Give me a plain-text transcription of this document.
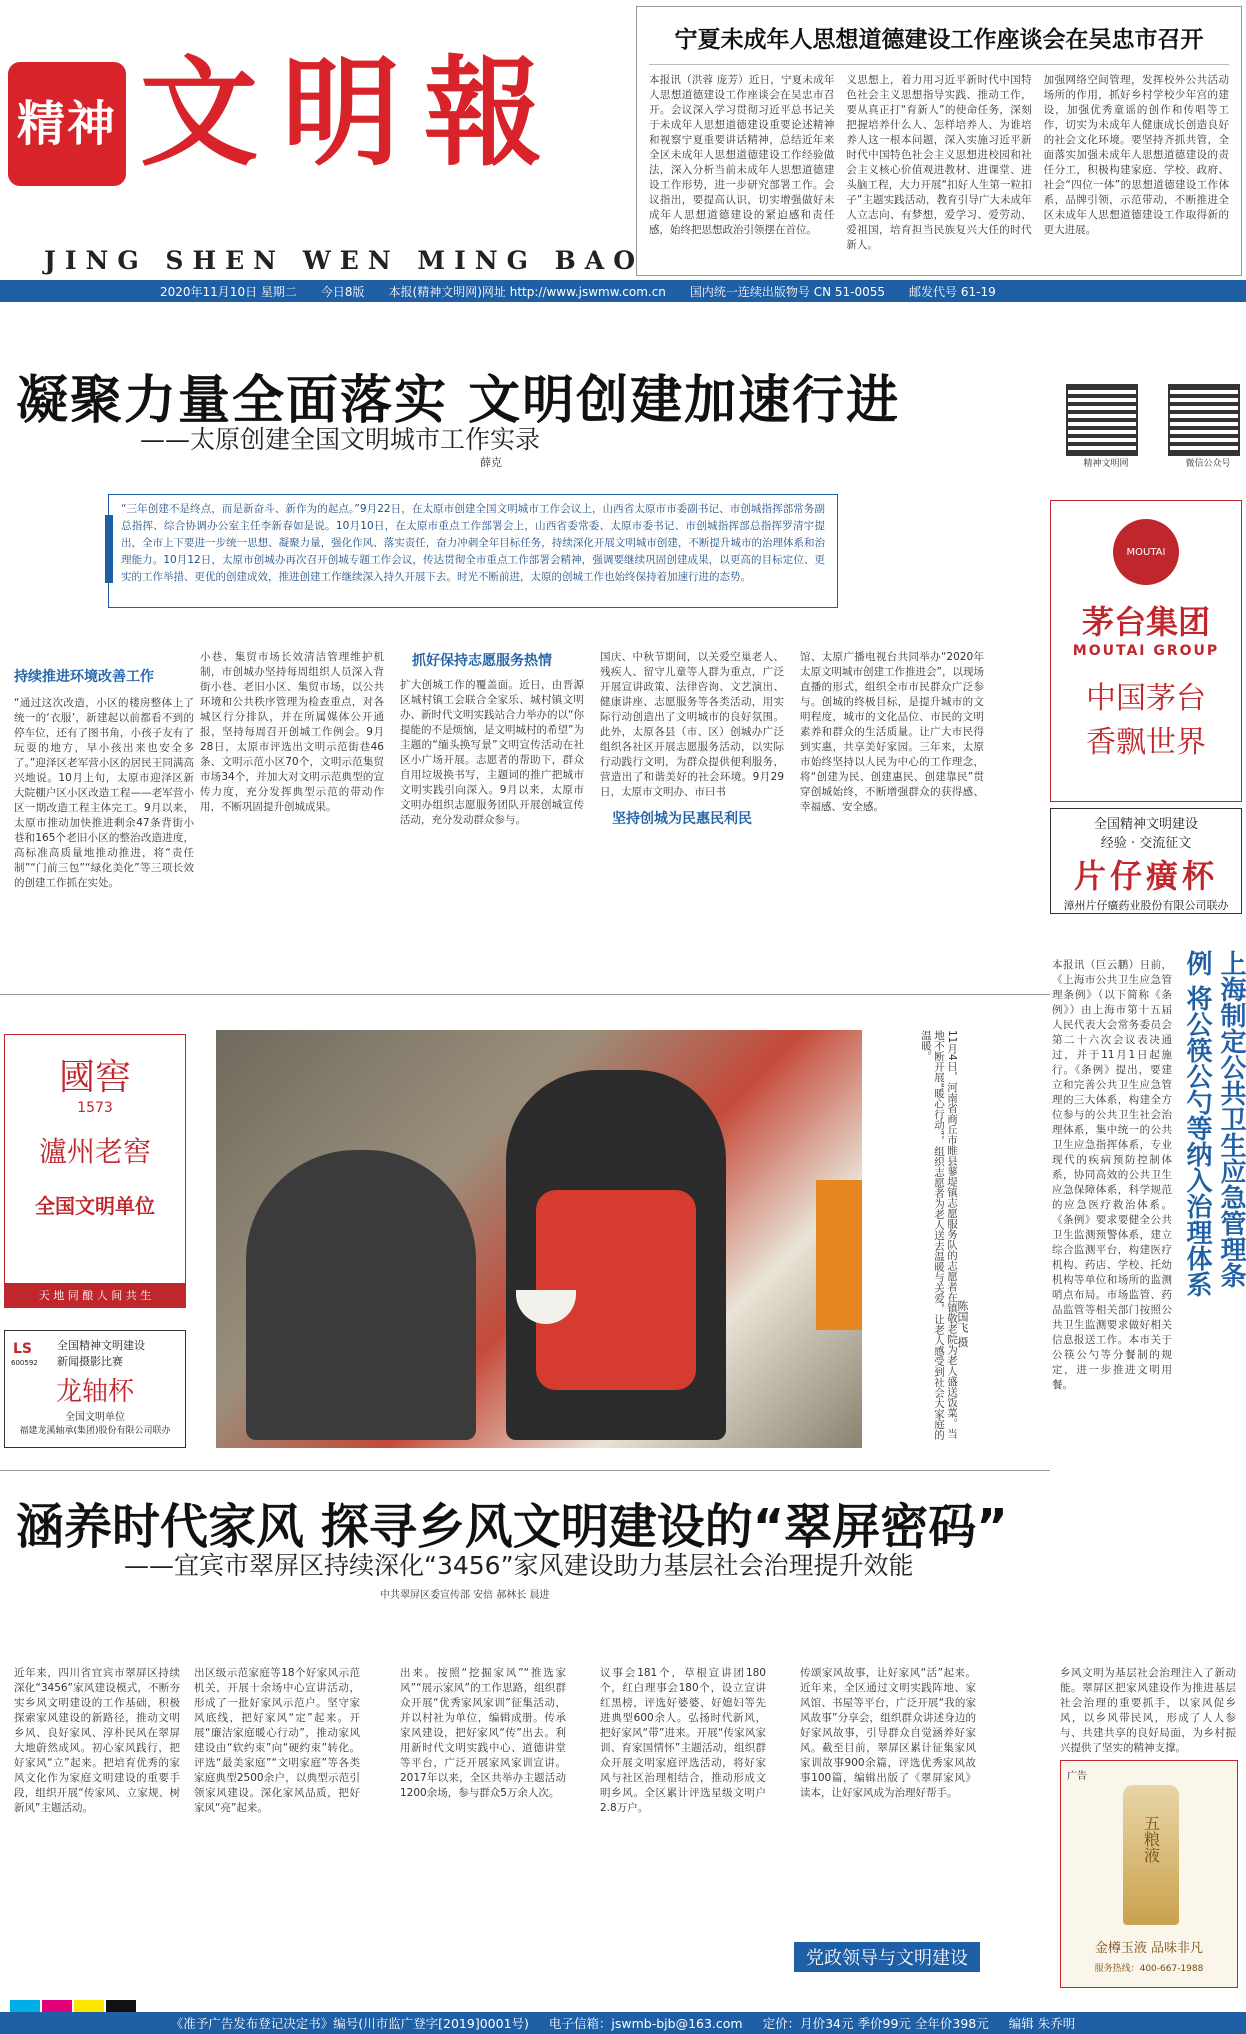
精神 文明報
JING SHEN WEN MING BAO
宁夏未成年人思想道德建设工作座谈会在吴忠市召开

本报讯（洪蓉 庞芳）近日，宁夏未成年人思想道德建设工作座谈会在吴忠市召开。会议深入学习贯彻习近平总书记关于未成年人思想道德建设重要论述精神和视察宁夏重要讲话精神，总结近年来全区未成年人思想道德建设工作经验做法，深入分析当前未成年人思想道德建设工作形势，进一步研究部署工作。会议指出，要提高认识，切实增强做好未成年人思想道德建设的紧迫感和责任感，始终把思想政治引领摆在首位。

义思想上，着力用习近平新时代中国特色社会主义思想指导实践、推动工作，要从真正打“育新人”的使命任务，深刻把握培养什么人、怎样培养人、为谁培养人这一根本问题，深入实施习近平新时代中国特色社会主义思想进校园和社会主义核心价值观进教材、进课堂、进头脑工程，大力开展“扣好人生第一粒扣子”主题实践活动，教育引导广大未成年人立志向、有梦想，爱学习、爱劳动、爱祖国，培育担当民族复兴大任的时代新人。

加强网络空间管理，发挥校外公共活动场所的作用，抓好乡村学校少年宫的建设，加强优秀童谣的创作和传唱等工作，切实为未成年人健康成长创造良好的社会文化环境。要坚持齐抓共管，全面落实加强未成年人思想道德建设的责任分工，积极构建家庭、学校、政府、社会“四位一体”的思想道德建设工作体系，品牌引领，示范带动，不断推进全区未成年人思想道德建设工作取得新的更大进展。

2020年11月10日 星期二 今日8版 本报(精神文明网)网址 http://www.jswmw.com.cn 国内统一连续出版物号 CN 51-0055 邮发代号 61-19
凝聚力量全面落实 文明创建加速行进
——太原创建全国文明城市工作实录
薛克	精神文明网	微信公众号

“三年创建不是终点，而是新奋斗、新作为的起点。”9月22日，在太原市创建全国文明城市工作会议上，山西省太原市市委副书记、市创城指挥部常务副总指挥、综合协调办公室主任李新春如是说。10月10日，在太原市重点工作部署会上，山西省委常委、太原市委书记、市创城指挥部总指挥罗清宇提出，全市上下要进一步统一思想、凝聚力量，强化作风、落实责任，奋力冲刺全年目标任务，持续深化开展文明城市创建，不断提升城市的治理体系和治理能力。10月12日，太原市创城办再次召开创城专题工作会议，传达贯彻全市重点工作部署会精神，强调要继续巩固创建成果，以更高的目标定位、更实的工作举措、更优的创建成效，推进创建工作继续深入持久开展下去。时光不断前进，太原的创城工作也始终保持着加速行进的态势。

持续推进环境改善工作

“通过这次改造，小区的楼房整体上了统一的‘衣服’，新建起以前都看不到的停车位，还有了图书角，小孩子友有了玩耍的地方，早小孩出来也安全多了。”迎泽区老军营小区的居民王同满高兴地说。10月上旬，太原市迎泽区新大院棚户区小区改造工程——老军营小区一期改造工程主体完工。9月以来，太原市推动加快推进剩余47条背街小巷和165个老旧小区的整治改造进度，高标准高质量地推动推进，将“责任制”“门前三包”“绿化美化”等三项长效的创建工作抓在实处。

小巷、集贸市场长效清洁管理维护机制，市创城办坚持每周组织人员深入背街小巷、老旧小区、集贸市场，以公共环境和公共秩序管理为检查重点，对各城区行分排队，并在所属媒体公开通报，坚持每周召开创城工作例会。9月28日，太原市评选出文明示范街巷46条、文明示范小区70个，文明示范集贸市场34个，并加大对文明示范典型的宣传力度，充分发挥典型示范的带动作用，不断巩固提升创城成果。

抓好保持志愿服务热情

扩大创城工作的覆盖面。近日，由晋源区城村镇工会联合全家乐、城村镇文明办、新时代文明实践站合力举办的以“你提能的不是烦恼，是文明城村的希望”为主题的“缅头换写景”文明宣传活动在社区小广场开展。志愿者的帮助下，群众自用垃圾换书写，主题词的推广把城市文明实践引向深入。9月以来，太原市文明办组织志愿服务团队开展创城宣传活动，充分发动群众参与。

国庆、中秋节期间，以关爱空巢老人、残疾人、留守儿童等人群为重点，广泛开展宣讲政策、法律咨询、文艺演出、健康讲座、志愿服务等各类活动，用实际行动创造出了文明城市的良好氛围。此外，太原各县（市、区）创城办广泛组织各社区开展志愿服务活动，以实际行动践行文明，为群众提供便利服务，营造出了和谐美好的社会环境。9月29日，太原市文明办、市曰书

坚持创城为民惠民利民

馆、太原广播电视台共同举办“2020年太原文明城市创建工作推进会”，以现场直播的形式，组织全市市民群众广泛参与。创城的终极目标，是提升城市的文明程度，城市的文化品位、市民的文明素养和群众的生活质量。让广大市民得到实惠，共享美好家园。三年来，太原市始终坚持以人民为中心的工作理念，将“创建为民、创建惠民、创建靠民”贯穿创城始终，不断增强群众的获得感、幸福感、安全感。

MOUTAI
茅台集团
MOUTAI GROUP
中国茅台
香飘世界
全国精神文明建设
经验 · 交流征文
片仔癀杯
漳州片仔癀药业股份有限公司联办
國窖
1573
瀘州老窖
全国文明单位
天 地 同 酿 人 间 共 生
LS
600592
全国精神文明建设
新闻摄影比赛
龙轴杯
全国文明单位
福建龙溪轴承(集团)股份有限公司联办	11月4日，河南省商丘市睢县蓼堤镇志愿服务队的志愿者在镇敬老院为老人盛送饭菜。当地不断开展“暖心行动”，组织志愿者为老人送去温暖与关爱，让老人感受到社会大家庭的温暖。
陈国飞 摄
上海制定公共卫生应急管理条例 将公筷公勺等纳入治理体系

本报讯（巨云鹏）日前，《上海市公共卫生应急管理条例》（以下简称《条例》）由上海市第十五届人民代表大会常务委员会第二十六次会议表决通过，并于11月1日起施行。《条例》提出，要建立和完善公共卫生应急管理的三大体系，构建全方位参与的公共卫生社会治理体系，集中统一的公共卫生应急指挥体系，专业现代的疾病预防控制体系，协同高效的公共卫生应急保障体系，科学规范的应急医疗救治体系。《条例》要求要健全公共卫生监测预警体系，建立综合监测平台，构建医疗机构、药店、学校、托幼机构等单位和场所的监测哨点布局。市场监管、药品监管等相关部门按照公共卫生监测要求做好相关信息报送工作。本市关于公筷公勺等分餐制的规定，进一步推进文明用餐。

涵养时代家风 探寻乡风文明建设的“翠屏密码”
——宜宾市翠屏区持续深化“3456”家风建设助力基层社会治理提升效能
中共翠屏区委宣传部 安倍 郝林长 晨进

近年来，四川省宜宾市翠屏区持续深化“3456”家风建设模式，不断夯实乡风文明建设的工作基础，积极探索家风建设的新路径，推动文明乡风、良好家风、淳朴民风在翠屏大地蔚然成风。初心家风践行，把好家风“立”起来。把培育优秀的家风文化作为家庭文明建设的重要手段，组织开展“传家风、立家规、树新风”主题活动。

出区级示范家庭等18个好家风示范机关，开展十余场中心宣讲活动，形成了一批好家风示范户。坚守家风底线，把好家风“定”起来。开展“廉洁家庭暖心行动”，推动家风建设由“软约束”向“硬约束”转化。评选“最美家庭”“文明家庭”等各类家庭典型2500余户，以典型示范引领家风建设。深化家风品质，把好家风“亮”起来。

出来。按照“挖掘家风”“推选家风”“展示家风”的工作思路，组织群众开展“优秀家风家训”征集活动，并以村社为单位，编辑成册。传承家风建设，把好家风“传”出去。利用新时代文明实践中心、道德讲堂等平台，广泛开展家风家训宣讲。2017年以来，全区共举办主题活动1200余场，参与群众5万余人次。

议事会181个，草根宣讲团180个，红白理事会180个，设立宣讲红黑榜，评选好婆婆、好媳妇等先进典型600余人。弘扬时代新风，把好家风“带”进来。开展“传家风家训、育家国情怀”主题活动，组织群众开展文明家庭评选活动，将好家风与社区治理相结合，推动形成文明乡风。全区累计评选星级文明户2.8万户。

传颂家风故事，让好家风“活”起来。近年来，全区通过文明实践阵地、家风馆、书屋等平台，广泛开展“我的家风故事”分享会，组织群众讲述身边的好家风故事，引导群众自觉涵养好家风。截至目前，翠屏区累计征集家风家训故事900余篇，评选优秀家风故事100篇，编辑出版了《翠屏家风》读本，让好家风成为治理好帮手。

乡风文明为基层社会治理注入了新动能。翠屏区把家风建设作为推进基层社会治理的重要抓手，以家风促乡风，以乡风带民风，形成了人人参与、共建共享的良好局面，为乡村振兴提供了坚实的精神支撑。

广告
五粮液
金樽玉液 品味非凡
服务热线：400-667-1988
党政领导与文明建设
《准予广告发布登记决定书》编号(川市监广登字[2019]0001号) 电子信箱：jswmb-bjb@163.com 定价：月价34元 季价99元 全年价398元 编辑 朱乔明
